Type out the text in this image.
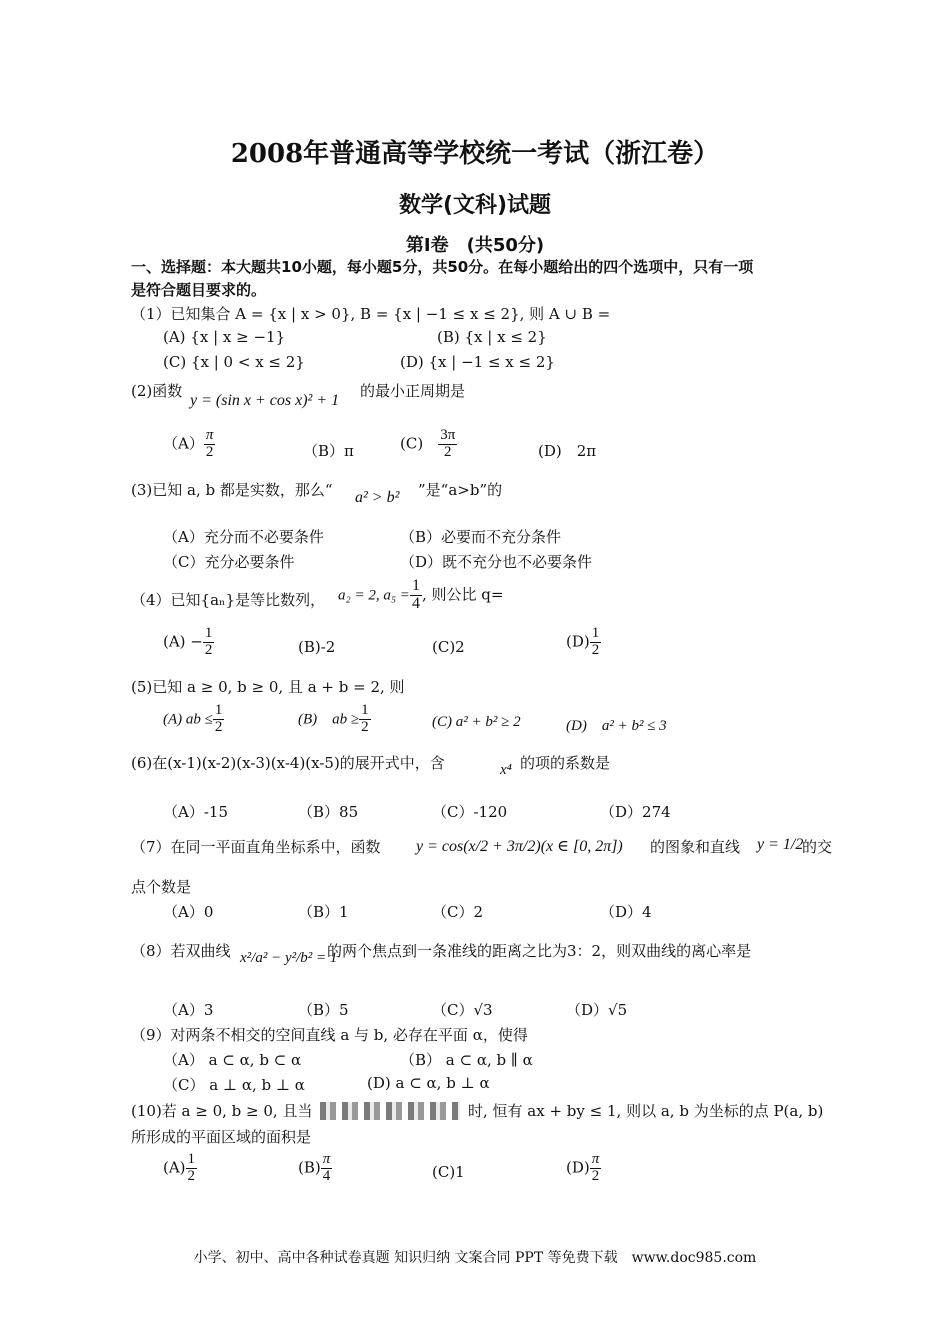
2008年普通高等学校统一考试（浙江卷）
数学(文科)试题
第Ⅰ卷　(共50分)
一、选择题：本大题共10小题，每小题5分，共50分。在每小题给出的四个选项中，只有一项
是符合题目要求的。
（1）已知集合 A = {x | x > 0}, B = {x | −1 ≤ x ≤ 2}, 则 A ∪ B =
(A) {x | x ≥ −1}	(B) {x | x ≤ 2}
(C) {x | 0 < x ≤ 2}	(D) {x | −1 ≤ x ≤ 2}
(2)函数
y = (sin x + cos x)² + 1
的最小正周期是
$(A) \frac{\pi}{2}$	（B）π	(C)　 $\frac{3\pi}{2}$	(D)　2π
(3)已知 a, b 都是实数，那么“ a² > b² ”是“a>b”的
（A）充分而不必要条件	（B）必要而不充分条件
（C）充分必要条件	（D）既不充分也不必要条件
（4）已知{aₙ}是等比数列， a₂ = 2, $a_5 = \frac{1}{4}$ , 则公比 q=
$(A) - \frac{1}{2}$	(B)-2	(C)2	$(D) \frac{1}{2}$
(5)已知 a ≥ 0, b ≥ 0, 且 a + b = 2, 则
(A) ab ≤ $\frac{1}{2}$	(B)　ab ≥ $\frac{1}{2}$	(C) a² + b² ≥ 2	(D)　a² + b² ≤ 3
(6)在(x-1)(x-2)(x-3)(x-4)(x-5)的展开式中，含	x⁴ 的项的系数是
（A）-15	（B）85	（C）-120	（D）274
（7）在同一平面直角坐标系中，函数 y = cos(x/2 + 3π/2)(x ∈ [0, 2π]) 的图象和直线 y = 1/2
的交
点个数是
（A）0	（B）1	（C）2	（D）4
（8）若双曲线 x²/a² − y²/b² = 1
的两个焦点到一条准线的距离之比为3：2，则双曲线的离心率是
（A）3	（B）5	（C）√3	（D）√5
（9）对两条不相交的空间直线 a 与 b, 必存在平面 α，使得
（A） a ⊂ α, b ⊂ α	（B） a ⊂ α, b ∥ α
（C） a ⊥ α, b ⊥ α	(D) a ⊂ α, b ⊥ α
(10)若 a ≥ 0, b ≥ 0, 且当	时, 恒有 ax + by ≤ 1, 则以 a, b 为坐标的点 P(a, b)
所形成的平面区域的面积是
$(A) \frac{1}{2}$	$(B) \frac{\pi}{4}$	(C)1	$(D) \frac{\pi}{2}$
小学、初中、高中各种试卷真题 知识归纳 文案合同 PPT 等免费下载　www.doc985.com
